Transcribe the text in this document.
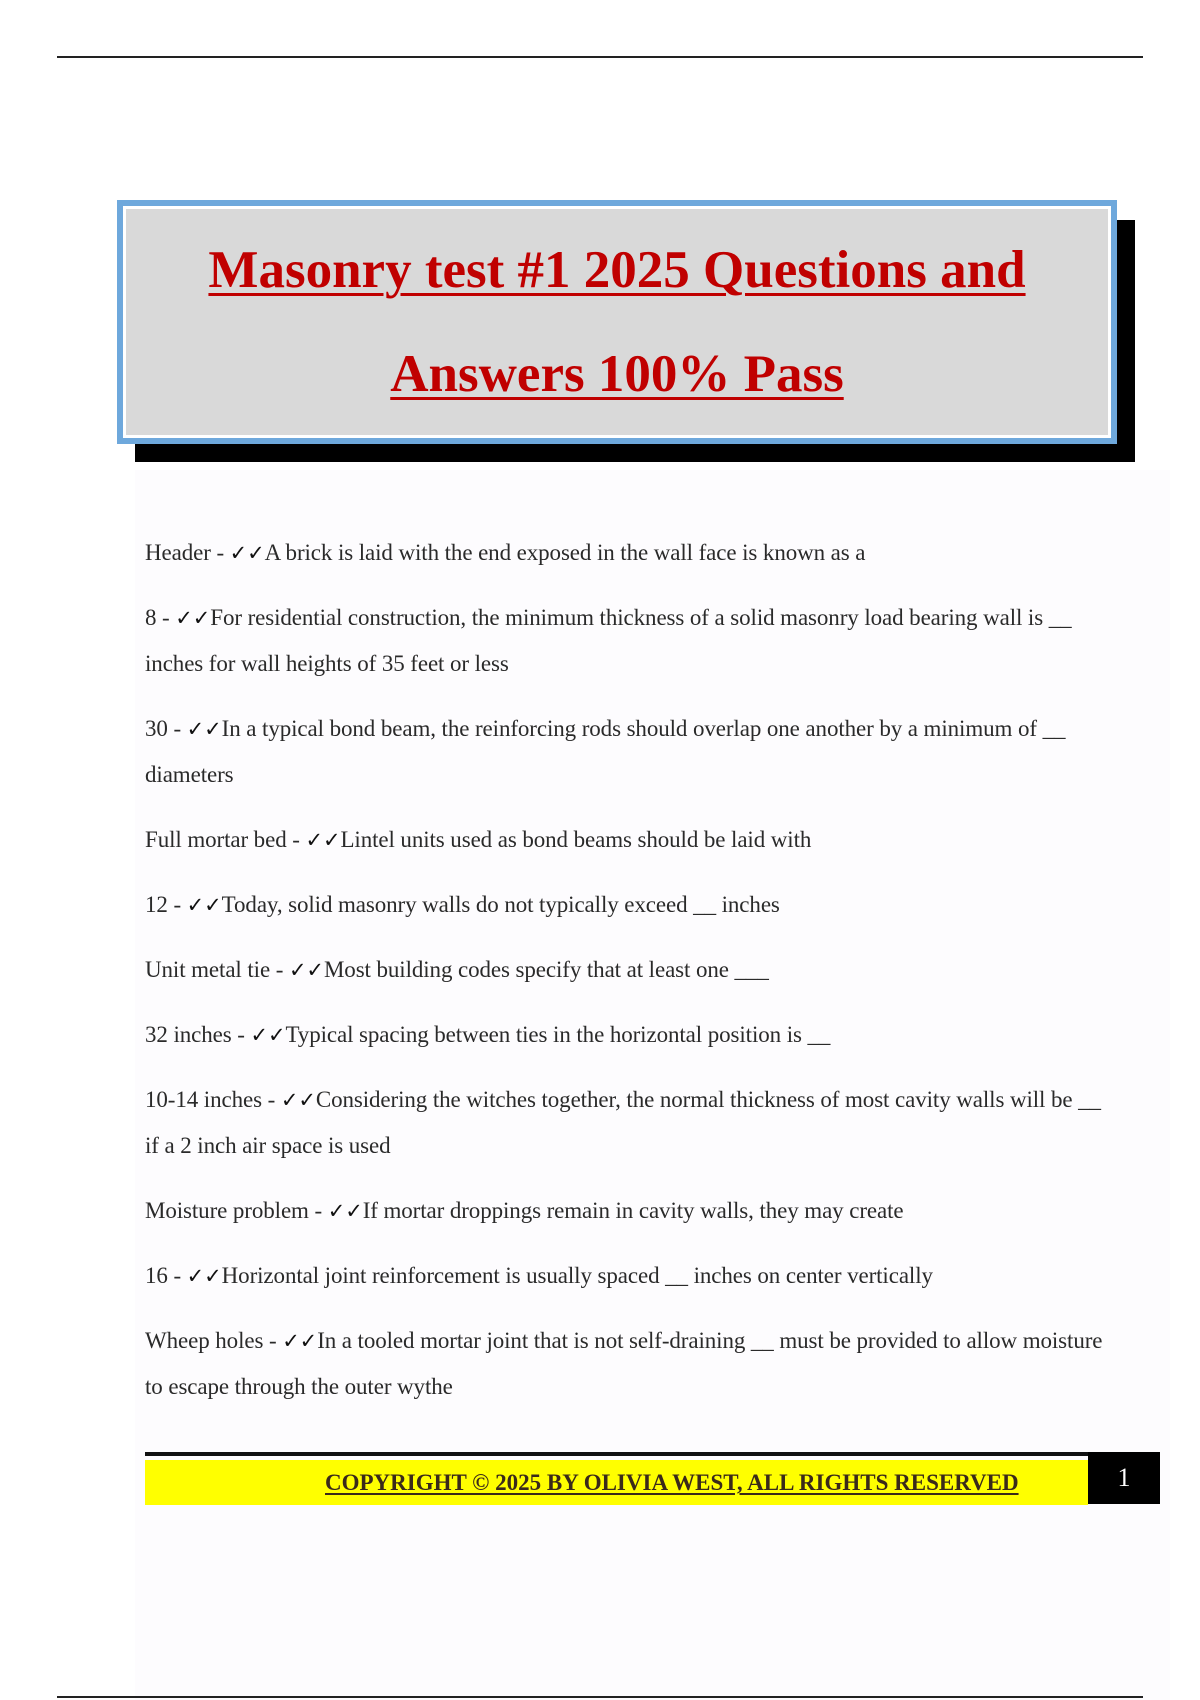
Masonry test #1 2025 Questions and
Answers 100% Pass
Header - ✓✓A brick is laid with the end exposed in the wall face is known as a
8 - ✓✓For residential construction, the minimum thickness of a solid masonry load bearing wall is __ inches for wall heights of 35 feet or less
30 - ✓✓In a typical bond beam, the reinforcing rods should overlap one another by a minimum of __ diameters
Full mortar bed - ✓✓Lintel units used as bond beams should be laid with
12 - ✓✓Today, solid masonry walls do not typically exceed __ inches
Unit metal tie - ✓✓Most building codes specify that at least one ___
32 inches - ✓✓Typical spacing between ties in the horizontal position is __
10-14 inches - ✓✓Considering the witches together, the normal thickness of most cavity walls will be __ if a 2 inch air space is used
Moisture problem - ✓✓If mortar droppings remain in cavity walls, they may create
16 - ✓✓Horizontal joint reinforcement is usually spaced __ inches on center vertically
Wheep holes - ✓✓In a tooled mortar joint that is not self-draining __ must be provided to allow moisture to escape through the outer wythe
COPYRIGHT © 2025 BY OLIVIA WEST, ALL RIGHTS RESERVED	1
